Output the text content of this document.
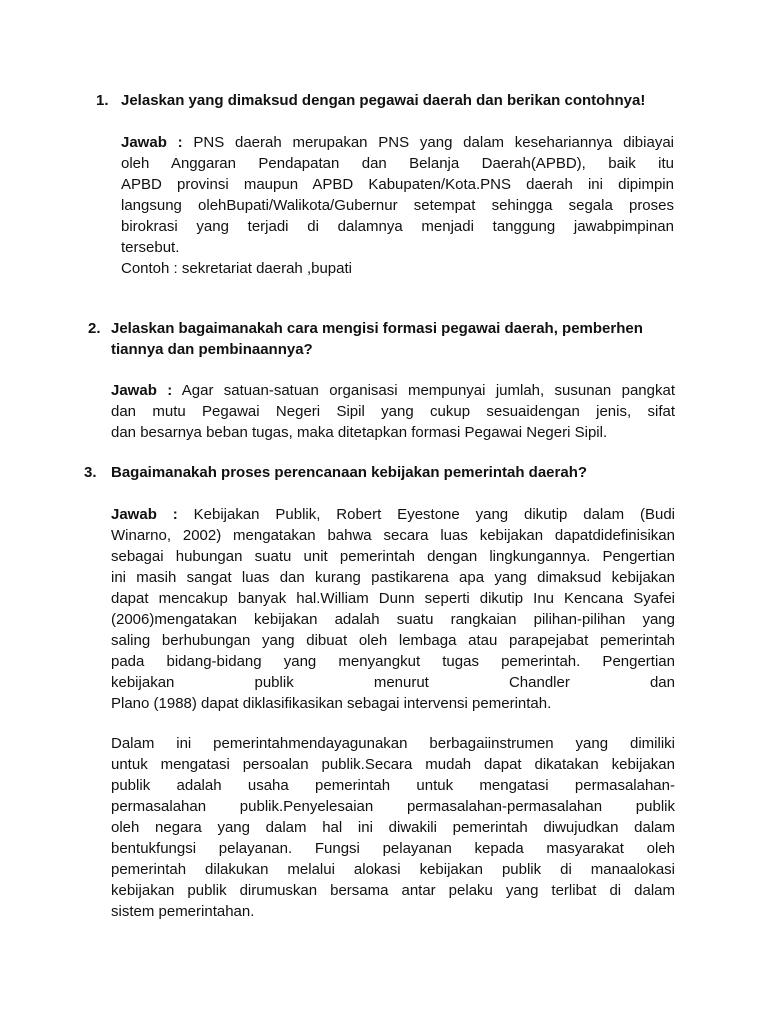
1. Jelaskan yang dimaksud dengan pegawai daerah dan berikan contohnya!
Jawab : PNS daerah merupakan PNS yang dalam kesehariannya dibiayai
oleh Anggaran Pendapatan dan Belanja Daerah(APBD), baik itu
APBD provinsi maupun APBD Kabupaten/Kota.PNS daerah ini dipimpin
langsung olehBupati/Walikota/Gubernur setempat sehingga segala proses
birokrasi yang terjadi di dalamnya menjadi tanggung jawabpimpinan
tersebut.
Contoh : sekretariat daerah ,bupati
2. Jelaskan bagaimanakah cara mengisi formasi pegawai daerah, pemberhen
tiannya dan pembinaannya?
Jawab : Agar satuan-satuan organisasi mempunyai jumlah, susunan pangkat
dan mutu Pegawai Negeri Sipil yang cukup sesuaidengan jenis, sifat
dan besarnya beban tugas, maka ditetapkan formasi Pegawai Negeri Sipil.
3. Bagaimanakah proses perencanaan kebijakan pemerintah daerah?
Jawab : Kebijakan Publik, Robert Eyestone yang dikutip dalam (Budi
Winarno, 2002) mengatakan bahwa secara luas kebijakan dapatdidefinisikan
sebagai hubungan suatu unit pemerintah dengan lingkungannya. Pengertian
ini masih sangat luas dan kurang pastikarena apa yang dimaksud kebijakan
dapat mencakup banyak hal.William Dunn seperti dikutip Inu Kencana Syafei
(2006)mengatakan kebijakan adalah suatu rangkaian pilihan-pilihan yang
saling berhubungan yang dibuat oleh lembaga atau parapejabat pemerintah
pada bidang-bidang yang menyangkut tugas pemerintah. Pengertian
kebijakan publik menurut Chandler dan
Plano (1988) dapat diklasifikasikan sebagai intervensi pemerintah.
Dalam ini pemerintahmendayagunakan berbagaiinstrumen yang dimiliki
untuk mengatasi persoalan publik.Secara mudah dapat dikatakan kebijakan
publik adalah usaha pemerintah untuk mengatasi permasalahan-
permasalahan publik.Penyelesaian permasalahan-permasalahan publik
oleh negara yang dalam hal ini diwakili pemerintah diwujudkan dalam
bentukfungsi pelayanan. Fungsi pelayanan kepada masyarakat oleh
pemerintah dilakukan melalui alokasi kebijakan publik di manaalokasi
kebijakan publik dirumuskan bersama antar pelaku yang terlibat di dalam
sistem pemerintahan.
